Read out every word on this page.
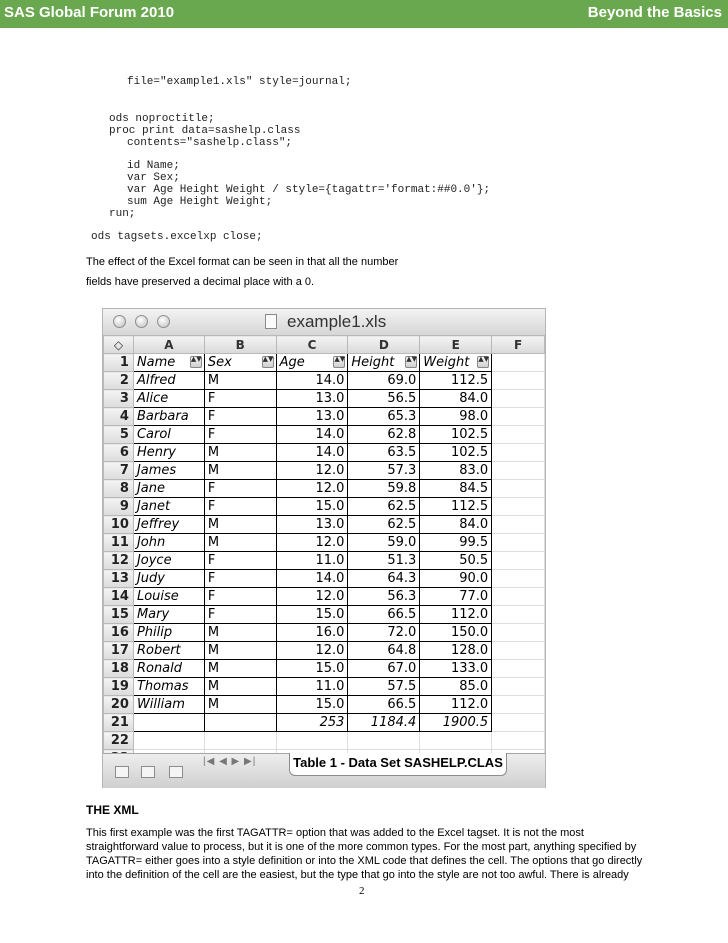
SAS Global Forum 2010	Beyond the Basics
file="example1.xls" style=journal;
ods noproctitle;
proc print data=sashelp.class
contents="sashelp.class";
id Name;
var Sex;
var Age Height Weight / style={tagattr='format:##0.0'};
sum Age Height Weight;
run;
ods tagsets.excelxp close;
The effect of the Excel format can be seen in that all the number
fields have preserved a decimal place with a 0.
example1.xls
◇	A	B	C	D	E	F
1	Name ▲▼	Sex ▲▼	Age ▲▼	Height ▲▼	Weight ▲▼	

2	Alfred	M	14.0	69.0	112.5	
3	Alice	F	13.0	56.5	84.0	
4	Barbara	F	13.0	65.3	98.0	
5	Carol	F	14.0	62.8	102.5	
6	Henry	M	14.0	63.5	102.5	
7	James	M	12.0	57.3	83.0	
8	Jane	F	12.0	59.8	84.5	
9	Janet	F	15.0	62.5	112.5	
10	Jeffrey	M	13.0	62.5	84.0	
11	John	M	12.0	59.0	99.5	
12	Joyce	F	11.0	51.3	50.5	
13	Judy	F	14.0	64.3	90.0	
14	Louise	F	12.0	56.3	77.0	
15	Mary	F	15.0	66.5	112.0	
16	Philip	M	16.0	72.0	150.0	
17	Robert	M	12.0	64.8	128.0	
18	Ronald	M	15.0	67.0	133.0	
19	Thomas	M	11.0	57.5	85.0	
20	William	M	15.0	66.5	112.0	
21			253	1184.4	1900.5	
22						

|◀ ◀ ▶ ▶|	Table 1 - Data Set SASHELP.CLAS
THE XML
This first example was the first TAGATTR= option that was added to the Excel tagset. It is not the most
straightforward value to process, but it is one of the more common types. For the most part, anything specified by
TAGATTR= either goes into a style definition or into the XML code that defines the cell. The options that go directly
into the definition of the cell are the easiest, but the type that go into the style are not too awful. There is already
2
